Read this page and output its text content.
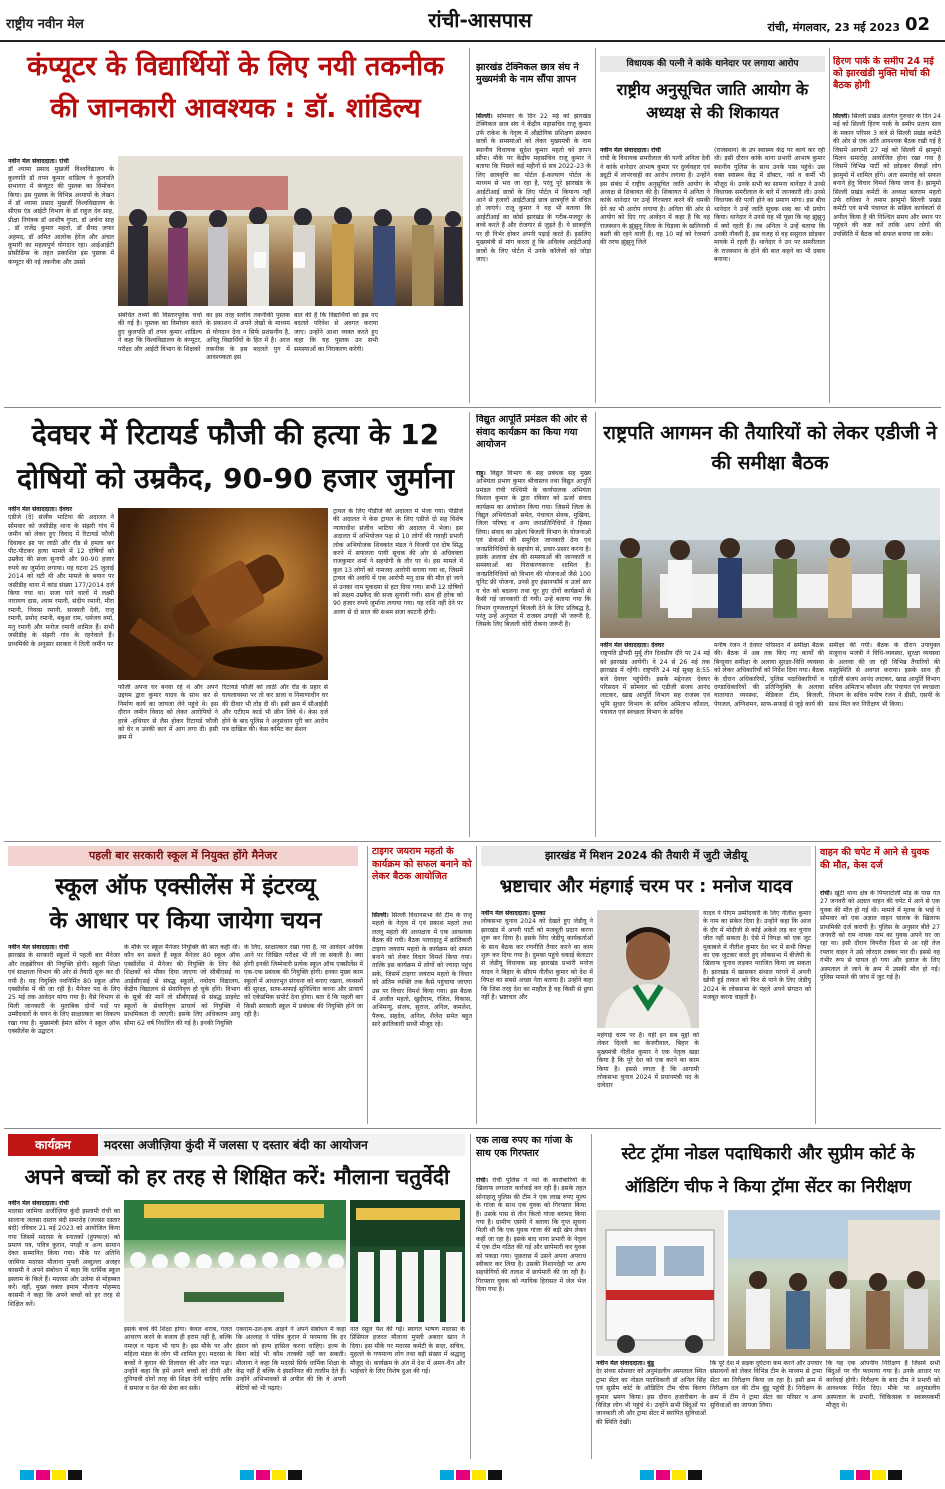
राष्ट्रीय नवीन मेल	रांची-आसपास	रांची, मंगलवार, 23 मई 2023 02
कंप्यूटर के विद्यार्थियों के लिए नयी तकनीक
की जानकारी आवश्यक : डॉ. शांडिल्य
नवीन मेल संवाददाता। रांची
डॉ श्यामा प्रसाद मुखर्जी विश्वविद्यालय के कुलपति डॉ तपन कुमार शांडिल्य ने कुलपति सभागार में कंप्यूटर की पुस्तक का विमोचन किया। इस पुस्तक के विभिन्न अध्यायों के लेखन में डॉ श्यामा प्रसाद मुखर्जी विश्वविद्यालय के सीएस एंड आईटी विभाग के डॉ राहुल देव साह, प्रीक्षा नियंत्रक डॉ आशीष गुप्ता, डॉ अर्चना साह , डॉ राजेंद्र कुमार महतो, डॉ सैयद ज़फर अहमद, डॉ अमित आलोक हेरेंज और अंचल कुमारी का महत्वपूर्ण योगदान रहा। आईआईटी प्रोसीडिंग्स के तहत प्रकाशित इस पुस्तक में कंप्यूटर की नई तकनीक और उससे
संबंधित तथ्यों की विस्तारपूर्वक चर्चा की गई है। पुस्तक का विमोचन करते हुए कुलपति डॉ तपन कुमार शांडिल्य ने कहा कि विश्वविद्यालय के कंप्यूटर, परीक्षा और आईटी विभाग के शिक्षकों
का इस तरह स्तरीय तकनीकी पुस्तक के प्रकाशन में अपने लेखों के माध्यम से योगदान देना न सिर्फ प्रशंसनीय है, अपितु विद्यार्थियों के हित में है। आज तकनीक के इस बदलते युग में आवश्यकता इस
बात की है कि विद्यार्थियों को इस नए बदलते परिवेश से अवगत कराया जाए। उन्होंने आशा व्यक्त करते हुए कहा कि यह पुस्तक उन सभी समस्याओं का निराकरण करेगी।
झारखंड टेक्निकल छात्र संघ ने मुख्यमंत्री के नाम सौंपा ज्ञापन
सिल्ली। सोमवार के दिन 22 मई को झारखंड टेक्निकल छात्र संघ ने केंद्रीय महासचिव राजू कुमार उर्फ राकेश के नेतृत्व में औद्योगिक प्रशिक्षण संस्थान छात्रों के समस्याओं को लेकर मुख्यमंत्री के नाम स्थानीय विधायक सुदेश कुमार महतो को ज्ञापन सौंपा। मौके पर केंद्रीय महासचिव राजू कुमार ने बताया कि पिछले कई महीनों से सत्र 2022-23 के लिए छात्रवृत्ति का पोर्टल ई-कल्याण पोर्टल के माध्यम से भरा जा रहा है, परंतु पूरे झारखंड के आईटीआई छात्रों के लिए पोर्टल में कियान्य नहीं आने से हजारों आईटीआई छात्र छात्रवृत्ति से वंचित हो जाएंगे। राजू कुमार ने यह भी बताया कि आईटीआई का कोर्स झारखंड के गरीब-मजदूर के बच्चे करते हैं और रोजगार से जुड़ते हैं। ये छात्रवृत्ति पर ही निर्भर होकर अपनी पढ़ाई करते हैं। इसलिए मुख्यमंत्री से मांग करता हूं कि अविलंब आईटीआई छात्रों के लिए पोर्टल में उनके कॉलेजों को जोड़ा जाए।
विधायक की पत्नी ने कांके थानेदार पर लगाया आरोप
राष्ट्रीय अनुसूचित जाति आयोग के अध्यक्ष से की शिकायत
नवीन मेल संवाददाता। रांची
रांची के विधायक समरीलाल की पत्नी अनिता देवी ने कांके थानेदार आभाष कुमार पर दुर्व्यवहार एवं ड्यूटी में लापरवाही का आरोप लगाया है। उन्होंने इस संबंध में राष्ट्रीय अनुसूचित जाति आयोग के अध्यक्ष से शिकायत की है। शिकायत में अनिता ने कांके थानेदार पर उन्हें गिरफ्तार करने की धमकी देने का भी आरोप लगाया है। अनिता की ओर से आयोग को दिए गए आवेदन में कहा है कि वह राजस्थान के झुंझुनू जिला के चिड़ावा के खलिनावी बस्ती की रहने वाली हैं। वह 10 मई को रेजमार्ग की तरफ झुंझुनू जिले
(राजस्थान) के उप स्वास्थ्य केंद्र पर कार्य कर रही थी। इसी दौरान कांके थाना प्रभारी आभाष कुमार स्थानीय पुलिस के साथ उनके पास पहुंचे। उस वक्त स्वास्थ्य केंद्र में डॉक्टर, नर्स व कर्मी भी मौजूद थे। उनके सभी का सामना थानेदार ने उनसे विधायक समरीलाल के बारे में जानकारी ली। उनसे विधायक की पत्नी होने का प्रमाण मांगा। इस बीच थानेदार ने उन्हें जाति सूचक शब्द का भी प्रयोग किया। थानेदार ने उनसे यह भी पूछा कि वह झुंझुनू में क्यों रहती हैं। तब अनिता ने उन्हें बताया कि उनकी नौकरी है, इस वजह से वह ससुराल छोड़कर मायके में रहती हैं। थानेदार ने उन पर समरीलाल के राजस्थान के होने की बात कहने का भी दबाव बनाया।
हिरण पार्क के समीप 24 मई को झारखंडी मुक्ति मोर्चा की बैठक होगी
सिल्ली। सिल्ली प्रखंड अंतर्गत गुरुवार के दिन 24 मई को सिल्ली हिरण पार्क के समीप प्रताप साव के मकान परिसर 3 बजे से सिल्ली प्रखंड कमेटी की ओर से एक अति आवश्यक बैठक रखी गई है जिसमें आगामी 27 मई को सिल्ली में झामुमो मिलन समारोह आयोजित होना रखा गया है जिसमें विभिन्न पार्टी को छोड़कर सैकड़ों लोग झामुमो में शामिल होंगे। अतः समारोह को सफल बनाने हेतु विचार विमर्श किया जाना है। झामुमो सिल्ली प्रखंड कमेटी के अध्यक्ष बलराम महतो उर्फ राधिका ने तमाम झामुमो सिल्ली प्रखंड कमेटी एवं सभी पंचायत के सक्रिय कार्यकर्ता से अपील किया है की निश्चित समय और स्थान पर पहुंचने की कष्ट करें ताकि आप लोगों की उपस्थिति में बैठक को सफल बनाया जा सके।
देवघर में रिटायर्ड फौजी की हत्या के 12
दोषियों को उम्रकैद, 90-90 हजार जुर्माना
नवीन मेल संवाददाता। देवघर
एडीजे (दे) संजीव भाटिया की अदालत ने सोमवार को जसीडीह थाना के संझरी गांव में जमीन को लेकर हुए विवाद में रिटायर्ड फौजी दिवाकर झा पर लाठी और रॉड से हमला कर पीट-पीटकर हत्या मामले में 12 दोषियों को उम्रकैद की सजा सुनायी और 90-90 हजार रुपये का जुर्माना लगाया। यह घटना 25 जुलाई 2014 को घटी थी और मामले के बयान पर जसीडीह थाना में कांड संख्या 177/2014 दर्ज किया गया था। सजा पाने वालों में लक्ष्मी नारायण दास, श्याम रमानी, संदीप रमानी, मीरा रमानी, निवास रमानी, सरस्वती देवी, राजू रमानी, प्रमोद रमानी, बबुआ राम, धर्मजय वर्मा, मनु रमानी और मनोज रमानी शामिल हैं। सभी जसीडीह के संझरी गांव के रहनेवाले हैं। प्राथमिकी के अनुसार सरकार ने तिली जमीन पर
फौजी अपना घर बनवा रहे थे और अपने उद्दयम द्वारा कुमार यादव के साथ कर से निर्माण कार्य का जायजा लेने पहुंचे थे। इस दौरान जमीन विवाद को लेकर आरोपियों ने हरबे -हथियार से लैस होकर रिटायर्ड फौजी को घेर व उनकी कार में आग लगा दी। इसी क्रम में
रिटायर्ड फौजी को लाठी और रॉड के प्रहार से घायलावस्था पर तो कर डाला व निमाणाधीन घर की दीवार भी तोड़ दी थी। इसी क्रम में सीआईडी और एटीएम कार्ड भी छीन लिये थे। केस दर्ज होने के बाद पुलिस ने अनुसंधान पूरी कर आरोप पत्र दाखिल की। केस कमिट कर सेशन
ट्रायल के लिए पीडीजे की अदालत में भेजा गया। पीडीजे की अदालत ने केस ट्रायल के लिए एडीजे दो सह विशेष न्यायाधीश संजीव भाटिया की अदालत में भेजा। इस अदालत में अभियोजन पक्ष से 10 लोगों की गवाही प्रभारी लोक अभियोजक शिवकांत मंडल ने विजयी एवं दोष सिद्ध करने में सफलता पायी सूचक की ओर से अधिवक्ता राजकुमार शर्मा ने सहयोगी के तौर पर थे। इस मामले में कुल 13 लोगों को नामजद आरोपी बनाया गया था, जिसमें ट्रायल की अवधि में एक आरोपी मनु दास की मौत हो जाने से उनका नाम मुकदमा से हटा दिया गया। सभी 12 दोषियों को सक्षम उम्रकैद की सजा सुनायी गयी। साथ ही हरेक को 90 हजार रुपये जुर्माना लगाया गया। यह राशि नहीं देने पर अलग से दो साल की सश्रम सजा काटनी होगी।
विद्युत आपूर्ति प्रमंडल की ओर से संवाद कार्यक्रम का किया गया आयोजन
राहु। विद्युत विभाग के सह प्रबंधक सह मुख्य अभियंता प्रभाग कुमार श्रीवास्तव तथा विद्युत आपूर्ति प्रमंडल रांची पश्चिमी के कार्यपालक अभियंता विशाल कुमार के द्वारा रविवार को ऊर्जा संवाद कार्यक्रम का आयोजन किया गया। जिसमें जिला के विद्युत अभियंताओं समेत, पंचायत सेवक, मुखिया, जिला परिषद व अन्य जनप्रतिनिधियों ने हिस्सा लिया। संवाद का उद्देश्य बिजली विभाग के योजनाओं एवं सेवाओं की समुचित जानकारी देना एवं जनप्रतिनिधियों के सहयोग से, प्रचार-प्रसार करना है। इसके अलावा क्षेत्र की समस्याओं की जानकारी व समस्याओं का निराकरणकरना शामिल है। जनप्रतिनिधियों को विभाग की योजनाओं जैसे 100 यूनिट फ्री योजना, उनसे हुए इंसानफॉर्म व उर्जा सार व चेत को बदलना तथा घूर हुए दोनों कार्यक्रमों से कैसी गई जानकारी दी गयी। उन्हें बताया गया कि विभाग गुणवत्तापूर्ण बिजली देने के लिए प्रतिबद्ध है, परंतु उन्हें अनुपात में राजस्व उगाही भी जरूरी है, जिसके लिए बिजली चोरी रोकना जरूरी है।
राष्ट्रपति आगमन की तैयारियों को लेकर एडीजी ने की समीक्षा बैठक
नवीन मेल संवाददाता। देवघर
राष्ट्रपति द्रौपदी मुर्मू तीन दिवसीय दौरे पर 24 मई को झारखंड आयेंगी। वे 24 से 26 मई तक झारखंड में रहेंगी। राष्ट्रपति 24 मई सुबह 8:55 बजे देवघर पहुंचेंगी। इसके मद्देनजर देवघर परिसदन में सोमवार को एडीजी संजय आनंद लाटकर, खाद्य आपूर्ति विभाग सह राजस्व एवं भूमि सुधार विभाग के सचिव अमिताभ कौशल, पंचायत एवं स्वच्छता विभाग के सचिव
मनीष रंजन ने देवघर परिसदन में समीक्षा बैठक की। बैठक में अब तक किए गए कार्यों की बिन्दुवार समीक्षा के अलावा सुरक्षा-विधि व्यवस्था को लेकर अधिकारियों को निर्देश दिया गया। बैठक के दौरान अधिकारियों, पुलिस पदाधिकारियों व दण्डाधिकारियों की प्रतिनियुक्ति के अलावा यातायात व्यवस्था, मेडिकल टीम, बिजली, पेयजल, अग्निशमन, साफ-सफाई से जुड़े कार्य की
समीक्षा की गयी। बैठक के दौरान उपायुक्त मंजूनाथ भजंत्री ने विधि-व्यवस्था, सुरक्षा व्यवस्था के अलावा की जा रही विभिन्न तैयारियों की वस्तुस्थिति से अवगत कराया। इसके साथ ही एडीजी संजय आनंद लाटकर, खाद्य आपूर्ति विभाग सचिव अमिताभ कौशल और पंचायत एवं स्वच्छता विभाग के सचिव मनीष रंजन ने डीसी, एसपी के साथ मिल कर निरीक्षण भी किया।
पहली बार सरकारी स्कूल में नियुक्त होंगे मैनेजर
स्कूल ऑफ एक्सीलेंस में इंटरव्यू
के आधार पर किया जायेगा चयन
नवीन मेल संवाददाता। रांची
झारखंड के सरकारी स्कूलों में पहली बार मैनेजर और लाइब्रेरियन की नियुक्ति होगी। स्कूली शिक्षा एवं साक्षरता विभाग की ओर से तैयारी शुरू कर दी गयी है। यह नियुक्ति नवनिर्मित 80 स्कूल ऑफ एक्सीलेंस में की जा रही है। मैनेजर पद के लिए 25 मई तक आवेदन मांगा गया है। वैसे विभाग से मिली जानकारी के मुताबिक दोनों पदों पर उम्मीदवारों के चयन के लिए साक्षात्कार का विकल्प रखा गया है। मुख्यमंत्री हेमंत सोरेन ने स्कूल ऑफ एक्सीलेंस के उद्घाटन
के मौके पर स्कूल मैनेजर नियुक्ति की बात कही थी। कौन बन सकते हैं स्कूल मैनेजर 80 स्कूल ऑफ एक्सीलेंस में मैनेजर की नियुक्ति के लिए वैसे शिक्षकों को मौका दिया जाएगा जो सीबीएसई या आईसीएसई से संबद्ध स्कूलों, नवोदय विद्यालय, केंद्रीय विद्यालय से सेवानिवृत्त हो चुके होंगे। विभाग के सूत्रों की मानें तो सीबीएसई से संबद्ध प्राइवेट स्कूलों के सेवानिवृत्त प्राचार्य को नियुक्ति में प्राथमिकता दी जाएगी। इसके लिए अधिकतम आयु सीमा 62 वर्ष निर्धारित की गई है। इनकी नियुक्ति
के लिए, साक्षात्कार रखा गया है, पर आवेदन अधिक आने पर लिखित परीक्षा भी ली जा सकती है। क्या होगी इनकी जिम्मेवारी प्रत्येक स्कूल ऑफ एक्सीलेंस में एक-एक प्रबंधक की नियुक्ति होगी। इनका मुख्य काम स्कूलों में आधारभूत संरचना को बनाए रखना, व्यवस्थों की सुरक्षा, साफ-सफाई सुनिश्चित करना और प्राचार्य को एकेडमिक सपोर्ट देना होगा। बता दें कि पहली बार किसी सरकारी स्कूल में प्रबंधक की नियुक्ति होने जा रही है।
टाइगर जयराम महतो के कार्यक्रम को सफल बनाने को लेकर बैठक आयोजित
सिल्ली। सिल्ली विधानसभा की टीम के राजू महतो के नेतृत्व में एवं प्रकाश महतो तथा लल्लू महतो की अध्यक्षता में एक आवश्यक बैठक की गयी। बैठक पतराहातु में क्रांतिकारी टाइगर जयराम महतो के कार्यक्रम को सफल बनाने को लेकर विचार विमर्श किया गया। तात्कि इस कार्यक्रम में लोगों को ज्यादा पहुंच सके, जिसमें टाइगर जयराम महतो के विचार को अंतिम व्यक्ति तक कैसे पहुंचाया जाएगा उस पर विचार विमर्श किया गया। इस बैठक में अजीत महतो, खुदीराम, रंजित, विकास, अभिमन्यु, संजय, सुराज, अनिल, कमलेश, पैरुक, सहदेव, अनिल, शैलेश समेत बहुत सारे क्रांतिकारी साथी मौजूद रहे।
झारखंड में मिशन 2024 की तैयारी में जुटी जेडीयू
भ्रष्टाचार और मंहगाई चरम पर : मनोज यादव
नवीन मेल संवाददाता। दुमका
लोकसभा चुनाव 2024 को देखते हुए जेडीयू ने झारखंड में अपनी पार्टी को मजबूती प्रदान करना शुरू कर दिया है। इसके लिए जेडीयू कार्यकर्ताओं के साथ बैठक कर रणनीति तैयार करने का काम शुरू कर दिया गया है। दुमका पहुंचे चकाई बेलाटार से जेडीयू विधायक सह झारखंड प्रभारी मनोज यादव ने बिहार के सीएम नीतीश कुमार को देश में विपक्ष का सबसे अच्छा नेता बताया है। उन्होंने कहा कि जिस तरह देश का माहौल है वह किसी से छुपा नहीं है। भ्रष्टाचार और
महंगाई चरम पर है। वहीं इन सब मुद्दों को लेकर दिल्ली का केजरीवाल, बिहार के मुख्यमंत्री नीतीश कुमार ने एक नेतृत्व खड़ा किया है कि पूरे देश को एक करने का काम किया है। इससे लगता है कि आगामी लोकसभा चुनाव 2024 में प्रधानमंत्री पद के दावेदार
यादव ने पीएम उम्मीदवारी के लिए नीतीश कुमार के नाम का संकेत दिया है। उन्होंने कहा कि आज के दौर में मोदीजी से कोई अकेले लड़ कर चुनाव जीत नहीं सकता है। ऐसे में विपक्ष को एक जुट मुकाबले में नीतीश कुमार देश भर में सभी विपक्ष का एक जुटकर करते हुए लोकसभा में बीजेपी के खिलाफ चुनाव लड़कर पराजित किया जा सकता है। झारखंड में खासकर संथाल परगने में अपनी खोयी हुई ताकत को फिर से पाने के लिए जेडीयू 2024 के लोकसभा के पहले अपने संगठन को मजबूत करना चाहती है।
वाहन की चपेट में आने से युवक की मौत, केस दर्ज
रांची। खूंटी थाना क्षेत्र के पिपराटोली मोड़ के पास गत 27 जनवरी को अज्ञात वाहन की चपेट में आने से एक युवक की मौत हो गई थी। मामले में मृतक के भाई ने सोमवार को एक अज्ञात वाहन चालक के खिलाफ प्राथमिकी दर्ज करायी है। पुलिस के अनुसार बीते 27 जनवरी को राम नायक नाम का युवक अपने घर जा रहा था। इसी दौरान विपरीत दिशा से आ रही तेज रफ्तार वाहन ने उसे जोरदार टक्कर मार दी। इससे वह गंभीर रूप से घायल हो गया और इलाज के लिए अस्पताल ले जाने के क्रम में उसकी मौत हो गई। पुलिस मामले की जांच में जुट गई है।
कार्यक्रम	मदरसा अजीज़िया कुंदी में जलसा ए दस्तार बंदी का आयोजन
अपने बच्चों को हर तरह से शिक्षित करें: मौलाना चतुर्वेदी
नवीन मेल संवाददाता। रांची
मदरसा जामिया अजीज़िया कुंदी इस्लामी रांची का सालाना जलसा दस्तार बंदी समारोह (जलसा दस्तार बंदी) रविवार 21 मई 2023 को आयोजित किया गया जिसमें मदरसा के स्नातकों (हुफ्फाज़) को प्रमाण पत्र, पवित्र कुरान, पगड़ी व अन्य सामान देकर सम्मानित किया गया। मौके पर अतिथि जामिया मदरसा मौलाना मुफ्ती अब्दुल्ला अजहर कासमी ने अपने संबोधन में कहा कि धार्मिक स्कूल इस्लाम के किले हैं। मदरसा और उलेमा से मोहब्बत करें। वहीं, मुख्य वक्ता इमाम मौलाना मोहम्मद कासमी ने कहा कि अपने बच्चों को हर तरह से शिक्षित करें।
इसके बच्चे की शिक्षा होगा। केवल शराब, गलत आचरण करने के बजाय ही हराम नहीं है, बल्कि नमाज़ न पढ़ना भी पाप है। इस मौके पर और महिला मंडल के लोग भी शामिल हुए। मदरसा के बच्चों ने कुरान की तिलावत की और नात पढ़ा। उन्होंने कहा कि हमें अपने बच्चों को दीनी और दुनियावी दोनों तरह की शिक्षा देनी चाहिए ताकि वे समाज व देश की सेवा कर सकें।
एकराम-उल-हक आइने ने अपने संबोधन में कहा कि अल्लाह ने पवित्र कुरान में फरमाया कि हर इंसान को इल्म हासिल करना चाहिए। इल्म के बिना कोई भी कौम तरक्की नहीं कर सकती। मौलाना ने कहा कि मदरसे सिर्फ धार्मिक शिक्षा के केंद्र नहीं हैं बल्कि ये इंसानियत की तालीम देते हैं। उन्होंने अभिभावकों से अपील की कि वे अपनी बेटियों को भी पढ़ाएं।
नात रसूल पेश की गई। स्वागत भाषण मदरसा के प्रिंसिपल हजरत मौलाना मुफ्ती अबरार खान ने दिया। इस मौके पर मदरसा कमेटी के सदर, सचिव, मुहल्ले के गणमान्य लोग तथा बड़ी संख्या में श्रद्धालु मौजूद थे। कार्यक्रम के अंत में देश में अमन-चैन और भाईचारे के लिए विशेष दुआ की गई।
एक लाख रुपए का गांजा के साथ एक गिरफ्तार
रांची। रांची पुलिस ने नशे के कारोबारियों के खिलाफ लगातार कार्रवाई कर रही है। इसके तहत सोनाहातू पुलिस की टीम ने एक लाख रुपए मूल्य के गांजा के साथ एक युवक को गिरफ्तार किया है। उसके पास से तीन किलो गांजा बरामद किया गया है। ग्रामीण एसपी ने बताया कि गुप्त सूचना मिली थी कि एक युवक गांजा की बड़ी खेप लेकर कहीं जा रहा है। इसके बाद थाना प्रभारी के नेतृत्व में एक टीम गठित की गई और छापेमारी कर युवक को पकड़ा गया। पूछताछ में उसने अपना अपराध स्वीकार कर लिया है। उसकी निशानदेही पर अन्य सहयोगियों की तलाश में छापेमारी की जा रही है। गिरफ्तार युवक को न्यायिक हिरासत में जेल भेज दिया गया है।
स्टेट ट्रॉमा नोडल पदाधिकारी और सुप्रीम कोर्ट के ऑडिटिंग चीफ ने किया ट्रॉमा सेंटर का निरीक्षण
नवीन मेल संवाददाता। बुंडू
देर संध्या सोमवार को अनुमंडलीय अस्पताल स्थित ट्रामा सेंटर का नोडल पदाधिकारी डॉ अनिल सिंह एवं सुप्रीम कोर्ट के ऑडिटिंग टीम चीफ किरण कुमार भ्रमण किया। इस दौरान हजारीबाग के विधिज्ञ लोग भी पहुंचे थे। उन्होंने सभी बिंदुओं पर जानकारी ली और ट्रामा सेंटर में स्थापित सुविधाओं की स्थिति देखी।
कि पूरे देश में सड़क दुर्घटना कम करने और उपचार संसाधनों को लेकर विभिन्न टीम के माध्यम से ट्रामा सेंटर का निरीक्षण किया जा रहा है। इसी क्रम में निरीक्षण दल की टीम बुंडू पहुंची है। निरीक्षण के क्रम में टीम ने ट्रामा सेंटर का परिसर व अन्य सुविधाओं का जायजा लिया।
कि यह एक ओपनीय निरीक्षण है जिसमें सभी बिंदुओं पर गौर फरमाया गया है। उनके आधार पर कार्रवाई होगी। निरीक्षण के बाद टीम ने प्रभारी को आवश्यक निर्देश दिए। मौके पर अनुमंडलीय अस्पताल के प्रभारी, चिकित्सक व स्वास्थ्यकर्मी मौजूद थे।
